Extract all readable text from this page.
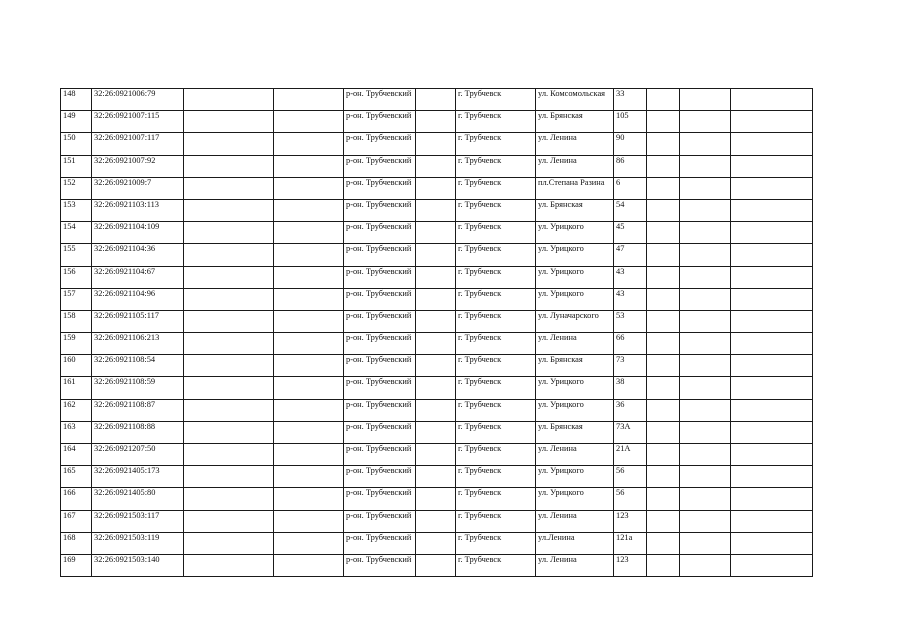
148	32:26:0921006:79			р-он. Трубчевский		г. Трубчевск	ул. Комсомольская	33			
149	32:26:0921007:115			р-он. Трубчевский		г. Трубчевск	ул. Брянская	105			
150	32:26:0921007:117			р-он. Трубчевский		г. Трубчевск	ул. Ленина	90			
151	32:26:0921007:92			р-он. Трубчевский		г. Трубчевск	ул. Ленина	86			
152	32:26:0921009:7			р-он. Трубчевский		г. Трубчевск	пл.Степана Разина	6			
153	32:26:0921103:113			р-он. Трубчевский		г. Трубчевск	ул. Брянская	54			
154	32:26:0921104:109			р-он. Трубчевский		г. Трубчевск	ул. Урицкого	45			
155	32:26:0921104:36			р-он. Трубчевский		г. Трубчевск	ул. Урицкого	47			
156	32:26:0921104:67			р-он. Трубчевский		г. Трубчевск	ул. Урицкого	43			
157	32:26:0921104:96			р-он. Трубчевский		г. Трубчевск	ул. Урицкого	43			
158	32:26:0921105:117			р-он. Трубчевский		г. Трубчевск	ул. Луначарского	53			
159	32:26:0921106:213			р-он. Трубчевский		г. Трубчевск	ул. Ленина	66			
160	32:26:0921108:54			р-он. Трубчевский		г. Трубчевск	ул. Брянская	73			
161	32:26:0921108:59			р-он. Трубчевский		г. Трубчевск	ул. Урицкого	38			
162	32:26:0921108:87			р-он. Трубчевский		г. Трубчевск	ул. Урицкого	36			
163	32:26:0921108:88			р-он. Трубчевский		г. Трубчевск	ул. Брянская	73А			
164	32:26:0921207:50			р-он. Трубчевский		г. Трубчевск	ул. Ленина	21А			
165	32:26:0921405:173			р-он. Трубчевский		г. Трубчевск	ул. Урицкого	56			
166	32:26:0921405:80			р-он. Трубчевский		г. Трубчевск	ул. Урицкого	56			
167	32:26:0921503:117			р-он. Трубчевский		г. Трубчевск	ул. Ленина	123			
168	32:26:0921503:119			р-он. Трубчевский		г. Трубчевск	ул.Ленина	121а			
169	32:26:0921503:140			р-он. Трубчевский		г. Трубчевск	ул. Ленина	123			
